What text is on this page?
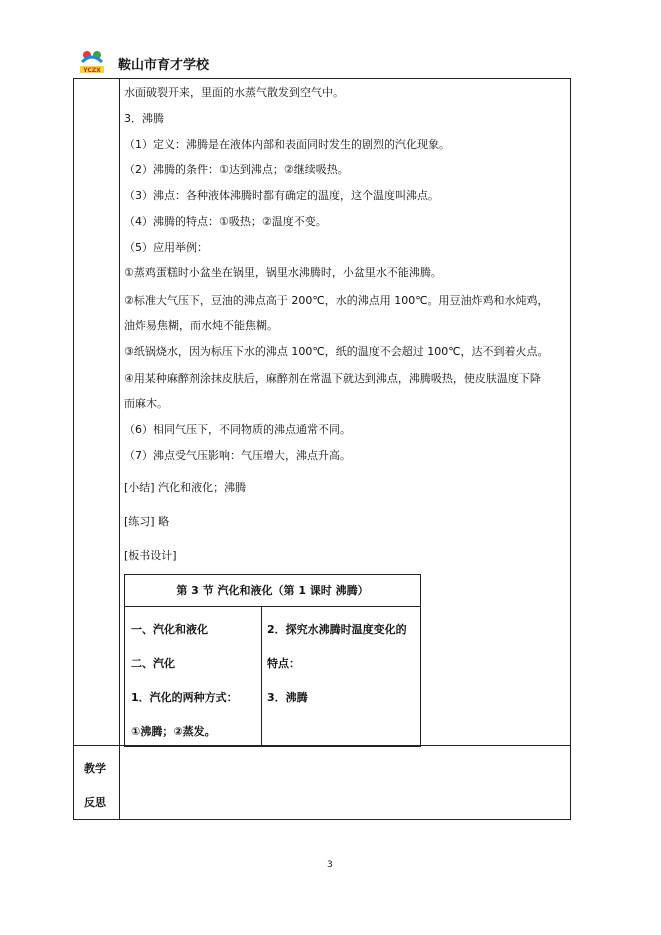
YCZX 鞍山市育才学校
水面破裂开来，里面的水蒸气散发到空气中。
3．沸腾
（1）定义：沸腾是在液体内部和表面同时发生的剧烈的汽化现象。
（2）沸腾的条件：①达到沸点；②继续吸热。
（3）沸点：各种液体沸腾时都有确定的温度，这个温度叫沸点。
（4）沸腾的特点：①吸热；②温度不变。
（5）应用举例：
①蒸鸡蛋糕时小盆坐在锅里，锅里水沸腾时，小盆里水不能沸腾。
②标准大气压下，豆油的沸点高于 200℃，水的沸点用 100℃。用豆油炸鸡和水炖鸡，
油炸易焦糊，而水炖不能焦糊。
③纸锅烧水，因为标压下水的沸点 100℃，纸的温度不会超过 100℃，达不到着火点。
④用某种麻醉剂涂抹皮肤后，麻醉剂在常温下就达到沸点，沸腾吸热，使皮肤温度下降
而麻木。
（6）相同气压下，不同物质的沸点通常不同。
（7）沸点受气压影响：气压增大，沸点升高。
[小结] 汽化和液化；沸腾
[练习] 略
[板书设计]
第 3 节 汽化和液化（第 1 课时 沸腾）
一、汽化和液化
二、汽化
1．汽化的两种方式：
①沸腾；②蒸发。
2．探究水沸腾时温度变化的
特点：
3．沸腾
教学
反思
3
